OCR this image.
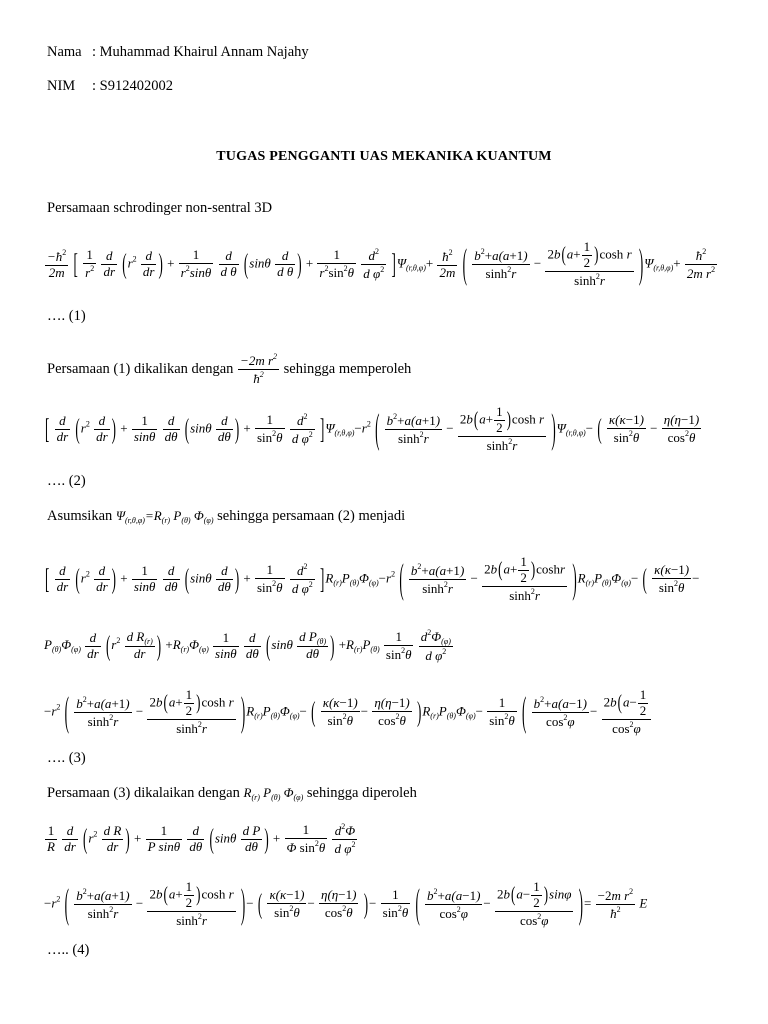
Nama : Muhammad Khairul Annam Najahy
NIM : S912402002
TUGAS PENGGANTI UAS MEKANIKA KUANTUM
Persamaan schrodinger non-sentral 3D
$\frac{-ħ^2}{2m}$ [ $\frac{1}{r^2}$
$\frac{d}{dr} (r^2 \frac{d}{dr}$ ) + $\frac{1}{r^2\sin\theta}$
$\frac{d}{\text{d θ}} (\sin\theta \frac{d}{\text{d θ}}$ ) + $\frac{1}{r^2\sin^2\theta}$
$\frac{d^2}{d \varphi^2} ]\Psi_{(r,\theta,\varphi)}+ \frac{ħ^2}{2m}$ ( $\frac{b^2+a(a+1)}{\sinh^2r} - \frac{2b(a+ \frac{1}{2} )\cosh r}{\sinh^2r} )\Psi_{(r,\theta,\varphi)}+ \frac{ħ^2}{2m r^2}$
…. (1)
Persamaan (1) dikalikan dengan $\frac{-2m r^2}{ħ^2}$ sehingga memperoleh
[ $\frac{d}{dr} (r^2 \frac{d}{dr}$ ) + $\frac{1}{\sin\theta}$
$\frac{d}{d\theta} (\sin\theta \frac{d}{d\theta}$ ) + $\frac{1}{\sin^2\theta}$
$\frac{d^2}{d \varphi^2} ]\Psi_{(r,\theta,\varphi)}-r^2$ ( $\frac{b^2+a(a+1)}{\sinh^2r} - \frac{2b(a+ \frac{1}{2} )\cosh r}{\sinh^2r} )\Psi_{(r,\theta,\varphi)}-$ ( $\frac{\kappa(\kappa-1)}{\sin^2\theta} - \frac{\eta(\eta-1)}{\cos^2\theta}$
…. (2)
Asumsikan $\Psi_{(r,\theta,\varphi)}=R_{(r)}$ $P_{(\theta)}$ $\Phi_{(\varphi)}$ sehingga persamaan (2) menjadi
[ $\frac{d}{dr} (r^2 \frac{d}{dr}$ ) + $\frac{1}{\sin\theta}$
$\frac{d}{d\theta} (\sin\theta \frac{d}{d\theta}$ ) + $\frac{1}{\sin^2\theta}$
$\frac{d^2}{d \varphi^2} ]R_{(r)}P_{(\theta)}\Phi_{(\varphi)}-r^2$ ( $\frac{b^2+a(a+1)}{\sinh^2r} - \frac{2b(a+ \frac{1}{2} )\cosh r}{\sinh^2r} )R_{(r)}P_{(\theta)}\Phi_{(\varphi)}-$ ( $\frac{\kappa(\kappa-1)}{\sin^2\theta}$ −
$P_{(\theta)}\Phi_{(\varphi)} \frac{d}{dr} (r^2 \frac{d R_{(r)}}{dr}$ ) $+R_{(r)}\Phi_{(\varphi)} \frac{1}{\sin\theta}$
$\frac{d}{d\theta} (\sin\theta \frac{d P_{(\theta)}}{d\theta}$ ) $+R_{(r)}P_{(\theta)} \frac{1}{\sin^2\theta}$
$\frac{d^2\Phi_{(\varphi)}}{d \varphi^2}$
$-r^2$ ( $\frac{b^2+a(a+1)}{\sinh^2r} - \frac{2b(a+ \frac{1}{2} )\cosh r}{\sinh^2r} )R_{(r)}P_{(\theta)}\Phi_{(\varphi)}-$ ( $\frac{\kappa(\kappa-1)}{\sin^2\theta} - \frac{\eta(\eta-1)}{\cos^2\theta} )R_{(r)}P_{(\theta)}\Phi_{(\varphi)}- \frac{1}{\sin^2\theta}$ ( $\frac{b^2+a(a-1)}{\cos^2\varphi} - \frac{2b(a- \frac{1}{2}}{\cos^2\varphi}$
…. (3)
Persamaan (3) dikalaikan dengan $R_{(r)}$ $P_{(\theta)}$ $\Phi_{(\varphi)}$ sehingga diperoleh
$\frac{1}{R}$
$\frac{d}{dr} (r^2 \frac{\text{d R}}{dr}$ ) + $\frac{1}{\text{P sinθ}}$
$\frac{d}{d\theta} (\sin\theta \frac{\text{d P}}{d\theta}$ ) + $\frac{1}{\Phi \sin^2\theta}$
$\frac{d^2\Phi}{d \varphi^2}$
$-r^2$ ( $\frac{b^2+a(a+1)}{\sinh^2r} - \frac{2b(a+ \frac{1}{2} )\cosh r}{\sinh^2r}$ )− ( $\frac{\kappa(\kappa-1)}{\sin^2\theta} - \frac{\eta(\eta-1)}{\cos^2\theta}$ )− $\frac{1}{\sin^2\theta}$ ( $\frac{b^2+a(a-1)}{\cos^2\varphi} - \frac{2b(a- \frac{1}{2} )\sin\varphi}{\cos^2\varphi}$ )= $\frac{-2m r^2}{ħ^2}$ E
….. (4)
